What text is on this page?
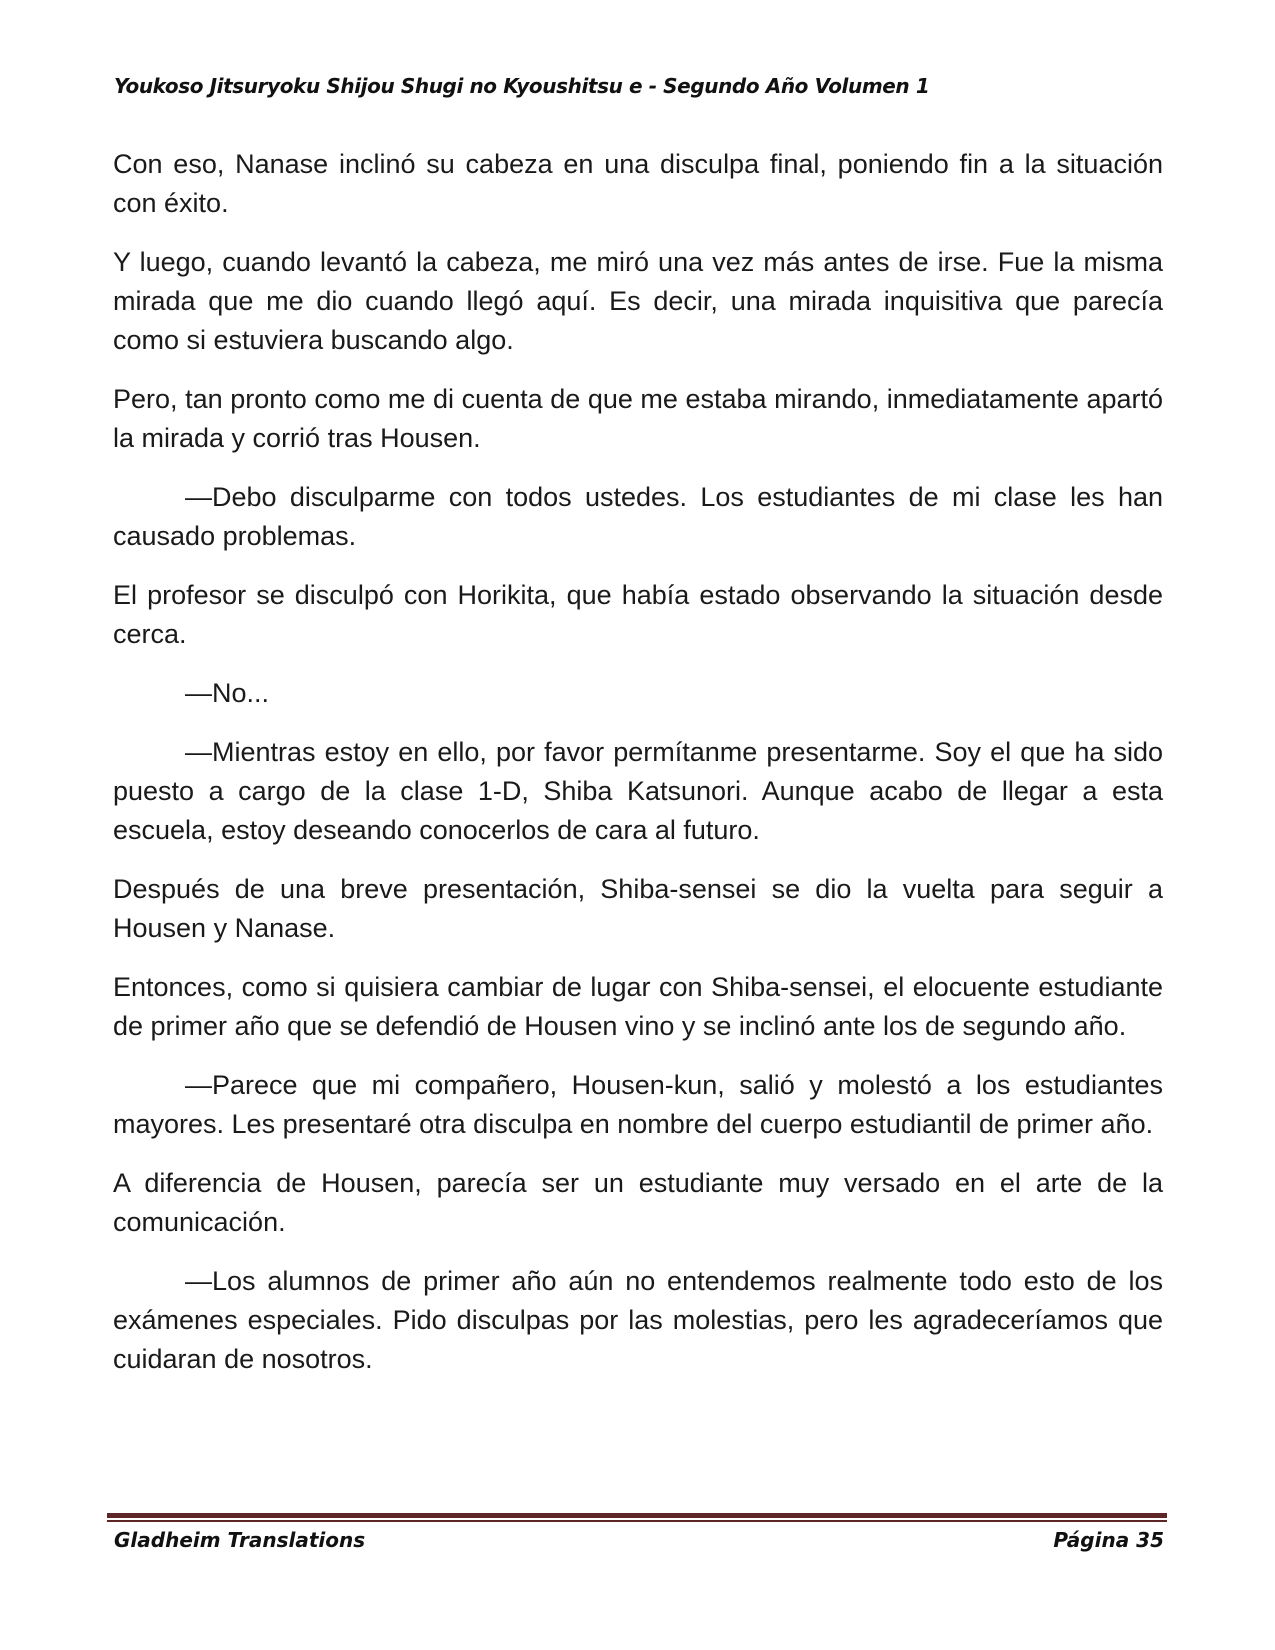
Youkoso Jitsuryoku Shijou Shugi no Kyoushitsu e - Segundo Año Volumen 1

Con eso, Nanase inclinó su cabeza en una disculpa final, poniendo fin a la situación con éxito.

Y luego, cuando levantó la cabeza, me miró una vez más antes de irse. Fue la misma mirada que me dio cuando llegó aquí. Es decir, una mirada inquisitiva que parecía como si estuviera buscando algo.

Pero, tan pronto como me di cuenta de que me estaba mirando, inmediatamente apartó la mirada y corrió tras Housen.

—Debo disculparme con todos ustedes. Los estudiantes de mi clase les han causado problemas.

El profesor se disculpó con Horikita, que había estado observando la situación desde cerca.

—No...

—Mientras estoy en ello, por favor permítanme presentarme. Soy el que ha sido puesto a cargo de la clase 1-D, Shiba Katsunori. Aunque acabo de llegar a esta escuela, estoy deseando conocerlos de cara al futuro.

Después de una breve presentación, Shiba-sensei se dio la vuelta para seguir a Housen y Nanase.

Entonces, como si quisiera cambiar de lugar con Shiba-sensei, el elocuente estudiante de primer año que se defendió de Housen vino y se inclinó ante los de segundo año.

—Parece que mi compañero, Housen-kun, salió y molestó a los estudiantes mayores. Les presentaré otra disculpa en nombre del cuerpo estudiantil de primer año.

A diferencia de Housen, parecía ser un estudiante muy versado en el arte de la comunicación.

—Los alumnos de primer año aún no entendemos realmente todo esto de los exámenes especiales. Pido disculpas por las molestias, pero les agradeceríamos que cuidaran de nosotros.

Gladheim Translations	Página 35
